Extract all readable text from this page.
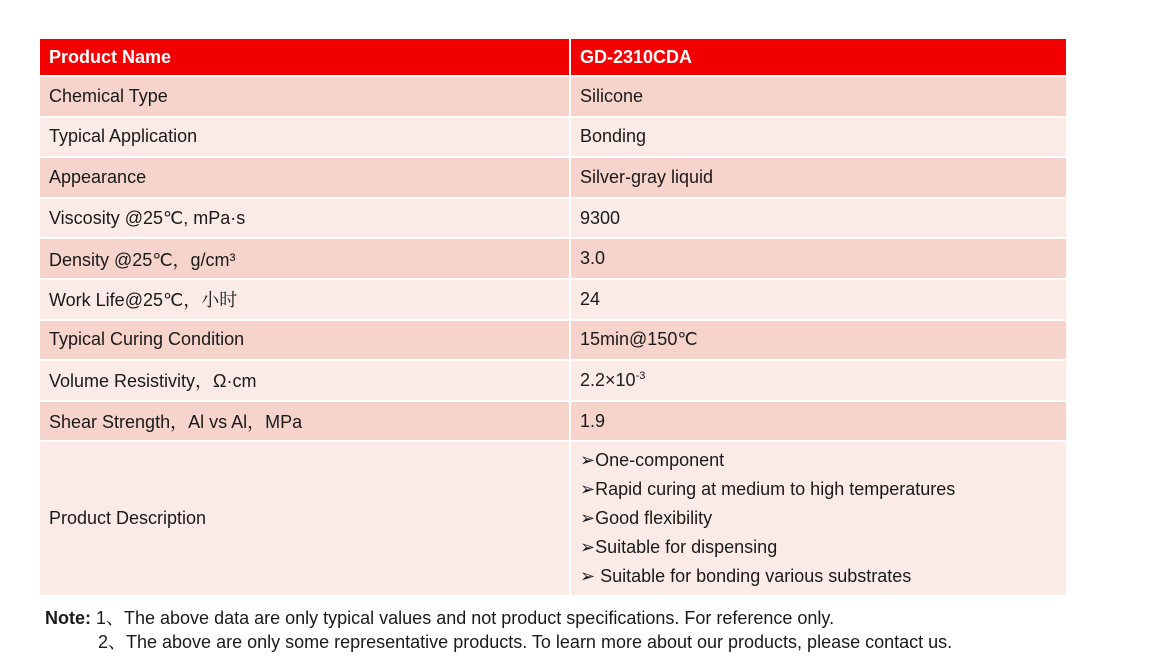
Product Name	GD-2310CDA
Chemical Type	Silicone
Typical Application	Bonding
Appearance	Silver-gray liquid
Viscosity @25℃, mPa·s	9300
Density @25℃，g/cm³	3.0
Work Life@25℃，小时	24
Typical Curing Condition	15min@150℃
Volume Resistivity，Ω·cm	$2.2\times 10^{-3}$
Shear Strength，Al vs Al，MPa	1.9
Product Description	➢One-component
➢Rapid curing at medium to high temperatures
➢Good flexibility
➢Suitable for dispensing
➢ Suitable for bonding various substrates
Note: 1、The above data are only typical values and not product specifications. For reference only.
2、The above are only some representative products. To learn more about our products, please contact us.
